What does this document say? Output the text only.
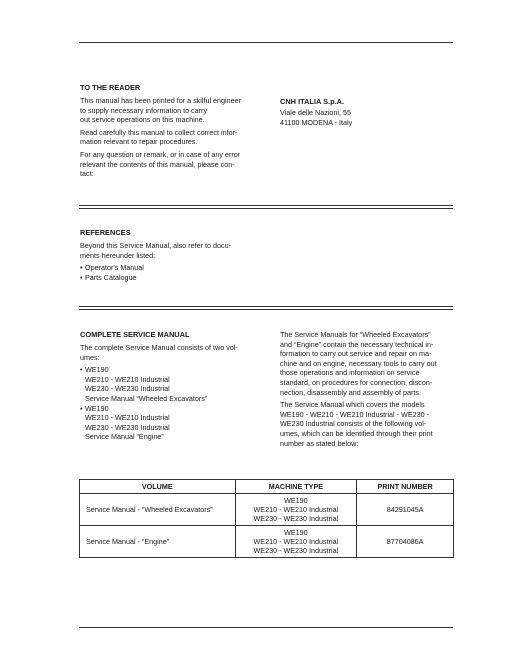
TO THE READER

This manual has been printed for a skilful engineer
to supply necessary information to carry
out service operations on this machine.

Read carefully this manual to collect correct infor-
mation relevant to repair procedures.

For any question or remark, or in case of any error
relevant the contents of this manual, please con-
tact:

CNH ITALIA S.p.A.
Viale delle Nazioni, 55
41100 MODENA - Italy
REFERENCES

Beyond this Service Manual, also refer to docu-
ments hereunder listed:

• Operator's Manual
• Parts Catalogue
COMPLETE SERVICE MANUAL

The complete Service Manual consists of two vol-
umes:

• WE190
WE210 - WE210 Industrial
WE230 - WE230 Industrial
Service Manual “Wheeled Excavators”
• WE190
WE210 - WE210 Industrial
WE230 - WE230 Industrial
Service Manual “Engine”

The Service Manuals for “Wheeled Excavators”
and “Engine” contain the necessary technical in-
formation to carry out service and repair on ma-
chine and on engine, necessary tools to carry out
those operations and information on service
standard, on procedures for connection, discon-
nection, disassembly and assembly of parts.

The Service Manual which covers the models
WE190 - WE210 - WE210 Industrial - WE230 -
WE230 Industrial consists of the following vol-
umes, which can be identified through their print
number as stated below:

VOLUME	MACHINE TYPE	PRINT NUMBER
Service Manual - “Wheeled Excavators”	WE190
WE210 - WE210 Industrial
WE230 - WE230 Industrial	84291045A
Service Manual - “Engine”	WE190
WE210 - WE210 Industrial
WE230 - WE230 Industrial	87704086A
